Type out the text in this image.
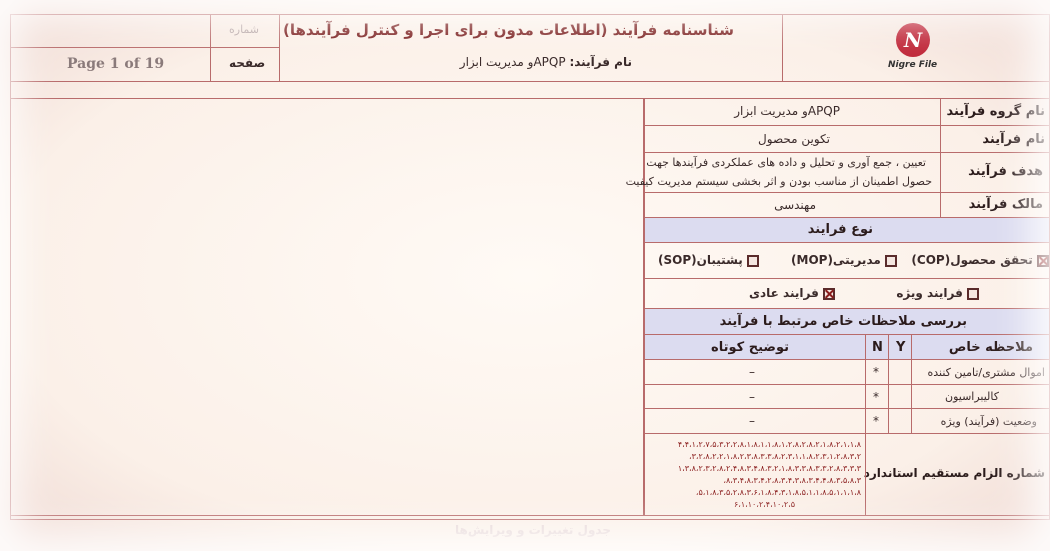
N
Nigre File
شناسنامه فرآیند (اطلاعات مدون برای اجرا و کنترل فرآیندها)
نام فرآیند: APQPو مدیریت ابزار
شماره
صفحه
Page 1 of 19
نام گروه فرآیند
APQPو مدیریت ابزار
نام فرآیند
تکوین محصول
هدف فرآیند
تعیین ، جمع آوری و تحلیل و داده های عملکردی فرآیندها جهت
حصول اطمینان از مناسب بودن و اثر بخشی سیستم مدیریت کیفیت
مالک فرآیند
مهندسی
نوع فرایند
تحقق محصول(COP)
مدیریتی(MOP)
پشتیبان(SOP)
فرایند ویژه
فرایند عادی
بررسی ملاحظات خاص مرتبط با فرآیند
ملاحظه خاص
Y
N
توضیح کوتاه
اموال مشتری/تامین کننده
*
–
کالیبراسیون
*
–
وضعیت (فرآیند) ویژه
*
–
شماره الزام مستقیم استاندارد
۴،۴،۱،۲،۷،۵،۳،۲،۲،۸،۱،۸،۱،۱،۸،۱،۲،۸،۲،۸،۲،۱،۸،۲،۱،۱،۸
۳،۲،۸،۲،۲،۱،۸،۲،۳،۸،۳،۳،۸،۲،۳،۱،۱،۸،۲،۳،۱،۲،۸،۳،۲،
۱،۳،۸،۲،۳،۲،۸،۲،۴،۸،۳،۴،۸،۳،۲،۱،۸،۳،۳،۸،۳،۳،۲،۸،۳،۳،۳
۸،۳،۴،۸،۳،۴،۲،۸،۳،۴،۳،۸،۳،۴،۴،۸،۳،۵،۸،۳،
۵،۱،۸،۳،۵،۲،۸،۳،۶،۱،۸،۴،۳،۱،۸،۵،۱،۱،۸،۵،۱،۱،۱،۸،
۶،۱،۱۰،۲،۴،۱۰،۲،۵
جدول تغییرات و ویرایش‌ها
